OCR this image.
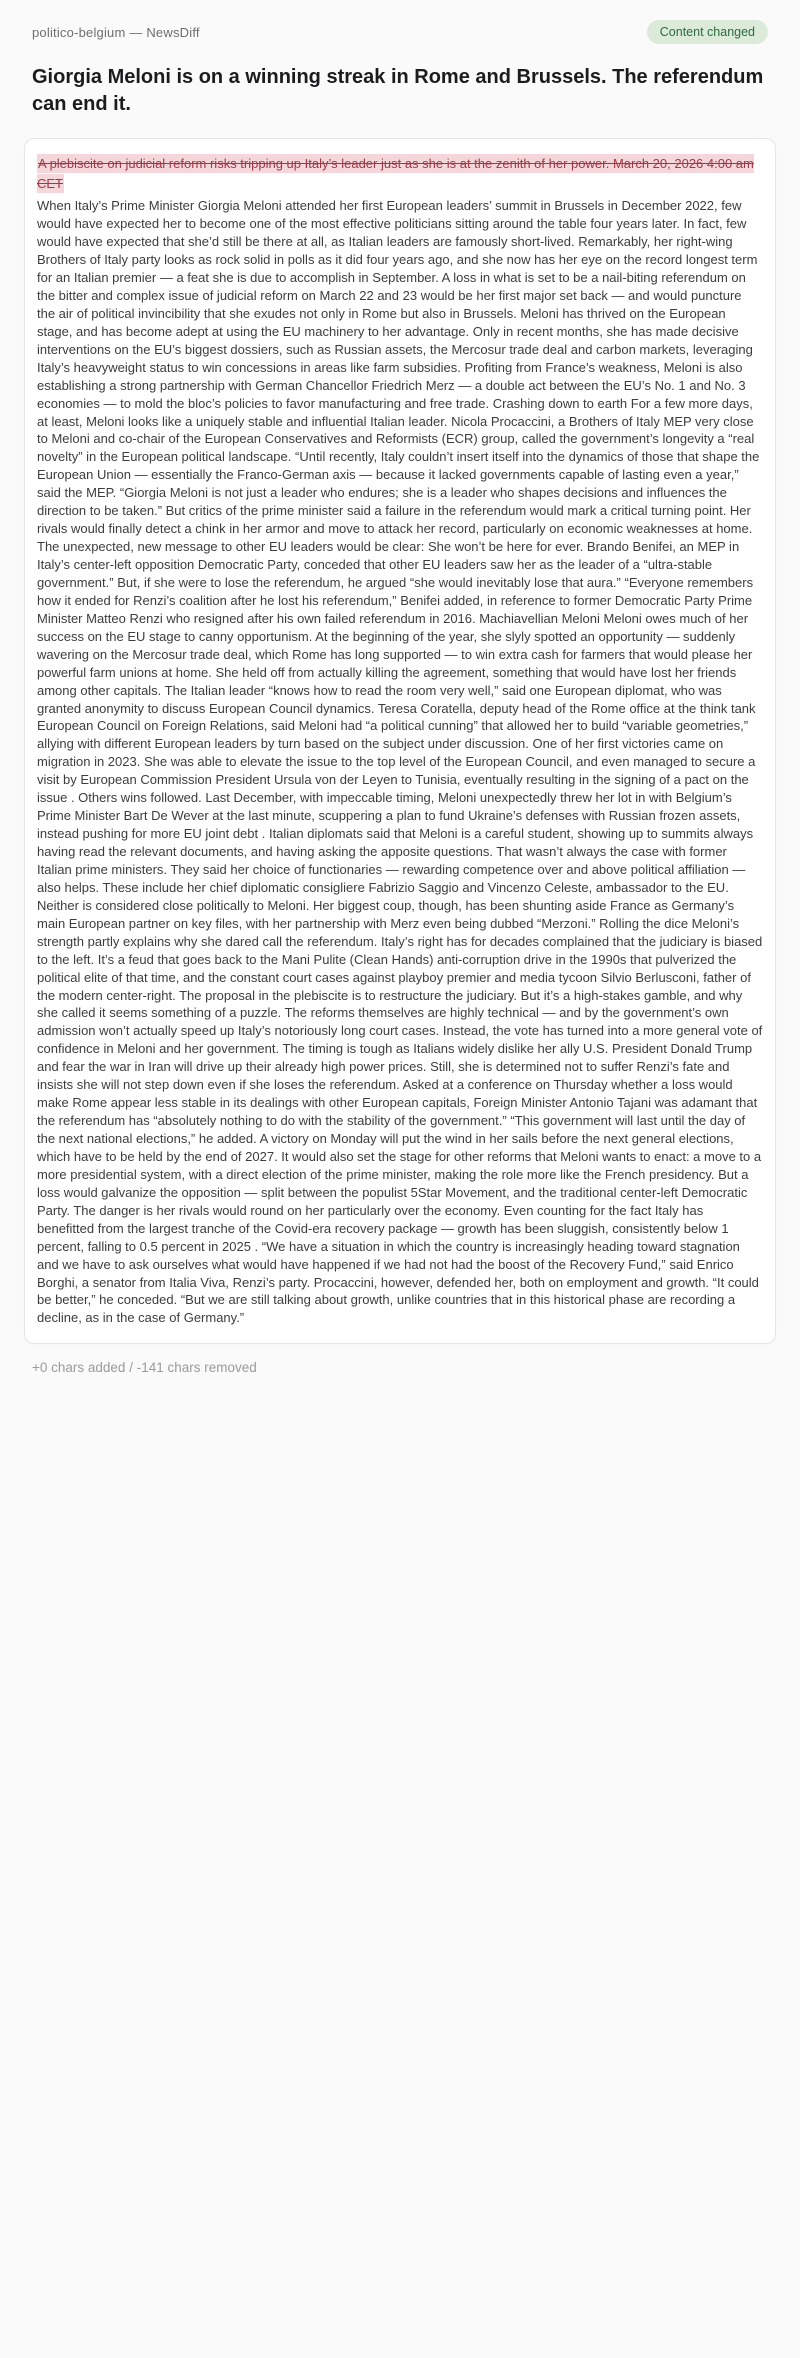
politico-belgium — NewsDiff	Content changed
Giorgia Meloni is on a winning streak in Rome and Brussels. The referendum can end it.

A plebiscite on judicial reform risks tripping up Italy’s leader just as she is at the zenith of her power. March 20, 2026 4:00 am CET

When Italy’s Prime Minister Giorgia Meloni attended her first European leaders’ summit in Brussels in December 2022, few would have expected her to become one of the most effective politicians sitting around the table four years later. In fact, few would have expected that she’d still be there at all, as Italian leaders are famously short-lived. Remarkably, her right-wing Brothers of Italy party looks as rock solid in polls as it did four years ago, and she now has her eye on the record longest term for an Italian premier — a feat she is due to accomplish in September. A loss in what is set to be a nail-biting referendum on the bitter and complex issue of judicial reform on March 22 and 23 would be her first major set back — and would puncture the air of political invincibility that she exudes not only in Rome but also in Brussels. Meloni has thrived on the European stage, and has become adept at using the EU machinery to her advantage. Only in recent months, she has made decisive interventions on the EU’s biggest dossiers, such as Russian assets, the Mercosur trade deal and carbon markets, leveraging Italy’s heavyweight status to win concessions in areas like farm subsidies. Profiting from France’s weakness, Meloni is also establishing a strong partnership with German Chancellor Friedrich Merz — a double act between the EU’s No. 1 and No. 3 economies — to mold the bloc’s policies to favor manufacturing and free trade. Crashing down to earth For a few more days, at least, Meloni looks like a uniquely stable and influential Italian leader. Nicola Procaccini, a Brothers of Italy MEP very close to Meloni and co-chair of the European Conservatives and Reformists (ECR) group, called the government’s longevity a “real novelty” in the European political landscape. “Until recently, Italy couldn’t insert itself into the dynamics of those that shape the European Union — essentially the Franco-German axis — because it lacked governments capable of lasting even a year,” said the MEP. “Giorgia Meloni is not just a leader who endures; she is a leader who shapes decisions and influences the direction to be taken.” But critics of the prime minister said a failure in the referendum would mark a critical turning point. Her rivals would finally detect a chink in her armor and move to attack her record, particularly on economic weaknesses at home. The unexpected, new message to other EU leaders would be clear: She won’t be here for ever. Brando Benifei, an MEP in Italy’s center-left opposition Democratic Party, conceded that other EU leaders saw her as the leader of a “ultra-stable government.” But, if she were to lose the referendum, he argued “she would inevitably lose that aura.” “Everyone remembers how it ended for Renzi’s coalition after he lost his referendum,” Benifei added, in reference to former Democratic Party Prime Minister Matteo Renzi who resigned after his own failed referendum in 2016. Machiavellian Meloni Meloni owes much of her success on the EU stage to canny opportunism. At the beginning of the year, she slyly spotted an opportunity — suddenly wavering on the Mercosur trade deal, which Rome has long supported — to win extra cash for farmers that would please her powerful farm unions at home. She held off from actually killing the agreement, something that would have lost her friends among other capitals. The Italian leader “knows how to read the room very well,” said one European diplomat, who was granted anonymity to discuss European Council dynamics. Teresa Coratella, deputy head of the Rome office at the think tank European Council on Foreign Relations, said Meloni had “a political cunning” that allowed her to build “variable geometries,” allying with different European leaders by turn based on the subject under discussion. One of her first victories came on migration in 2023. She was able to elevate the issue to the top level of the European Council, and even managed to secure a visit by European Commission President Ursula von der Leyen to Tunisia, eventually resulting in the signing of a pact on the issue . Others wins followed. Last December, with impeccable timing, Meloni unexpectedly threw her lot in with Belgium’s Prime Minister Bart De Wever at the last minute, scuppering a plan to fund Ukraine’s defenses with Russian frozen assets, instead pushing for more EU joint debt . Italian diplomats said that Meloni is a careful student, showing up to summits always having read the relevant documents, and having asking the apposite questions. That wasn’t always the case with former Italian prime ministers. They said her choice of functionaries — rewarding competence over and above political affiliation — also helps. These include her chief diplomatic consigliere Fabrizio Saggio and Vincenzo Celeste, ambassador to the EU. Neither is considered close politically to Meloni. Her biggest coup, though, has been shunting aside France as Germany’s main European partner on key files, with her partnership with Merz even being dubbed “Merzoni.” Rolling the dice Meloni’s strength partly explains why she dared call the referendum. Italy’s right has for decades complained that the judiciary is biased to the left. It’s a feud that goes back to the Mani Pulite (Clean Hands) anti-corruption drive in the 1990s that pulverized the political elite of that time, and the constant court cases against playboy premier and media tycoon Silvio Berlusconi, father of the modern center-right. The proposal in the plebiscite is to restructure the judiciary. But it’s a high-stakes gamble, and why she called it seems something of a puzzle. The reforms themselves are highly technical — and by the government’s own admission won’t actually speed up Italy’s notoriously long court cases. Instead, the vote has turned into a more general vote of confidence in Meloni and her government. The timing is tough as Italians widely dislike her ally U.S. President Donald Trump and fear the war in Iran will drive up their already high power prices. Still, she is determined not to suffer Renzi’s fate and insists she will not step down even if she loses the referendum. Asked at a conference on Thursday whether a loss would make Rome appear less stable in its dealings with other European capitals, Foreign Minister Antonio Tajani was adamant that the referendum has “absolutely nothing to do with the stability of the government.” “This government will last until the day of the next national elections,” he added. A victory on Monday will put the wind in her sails before the next general elections, which have to be held by the end of 2027. It would also set the stage for other reforms that Meloni wants to enact: a move to a more presidential system, with a direct election of the prime minister, making the role more like the French presidency. But a loss would galvanize the opposition — split between the populist 5Star Movement, and the traditional center-left Democratic Party. The danger is her rivals would round on her particularly over the economy. Even counting for the fact Italy has benefitted from the largest tranche of the Covid-era recovery package — growth has been sluggish, consistently below 1 percent, falling to 0.5 percent in 2025 . “We have a situation in which the country is increasingly heading toward stagnation and we have to ask ourselves what would have happened if we had not had the boost of the Recovery Fund,” said Enrico Borghi, a senator from Italia Viva, Renzi’s party. Procaccini, however, defended her, both on employment and growth. “It could be better,” he conceded. “But we are still talking about growth, unlike countries that in this historical phase are recording a decline, as in the case of Germany.”

+0 chars added / -141 chars removed
